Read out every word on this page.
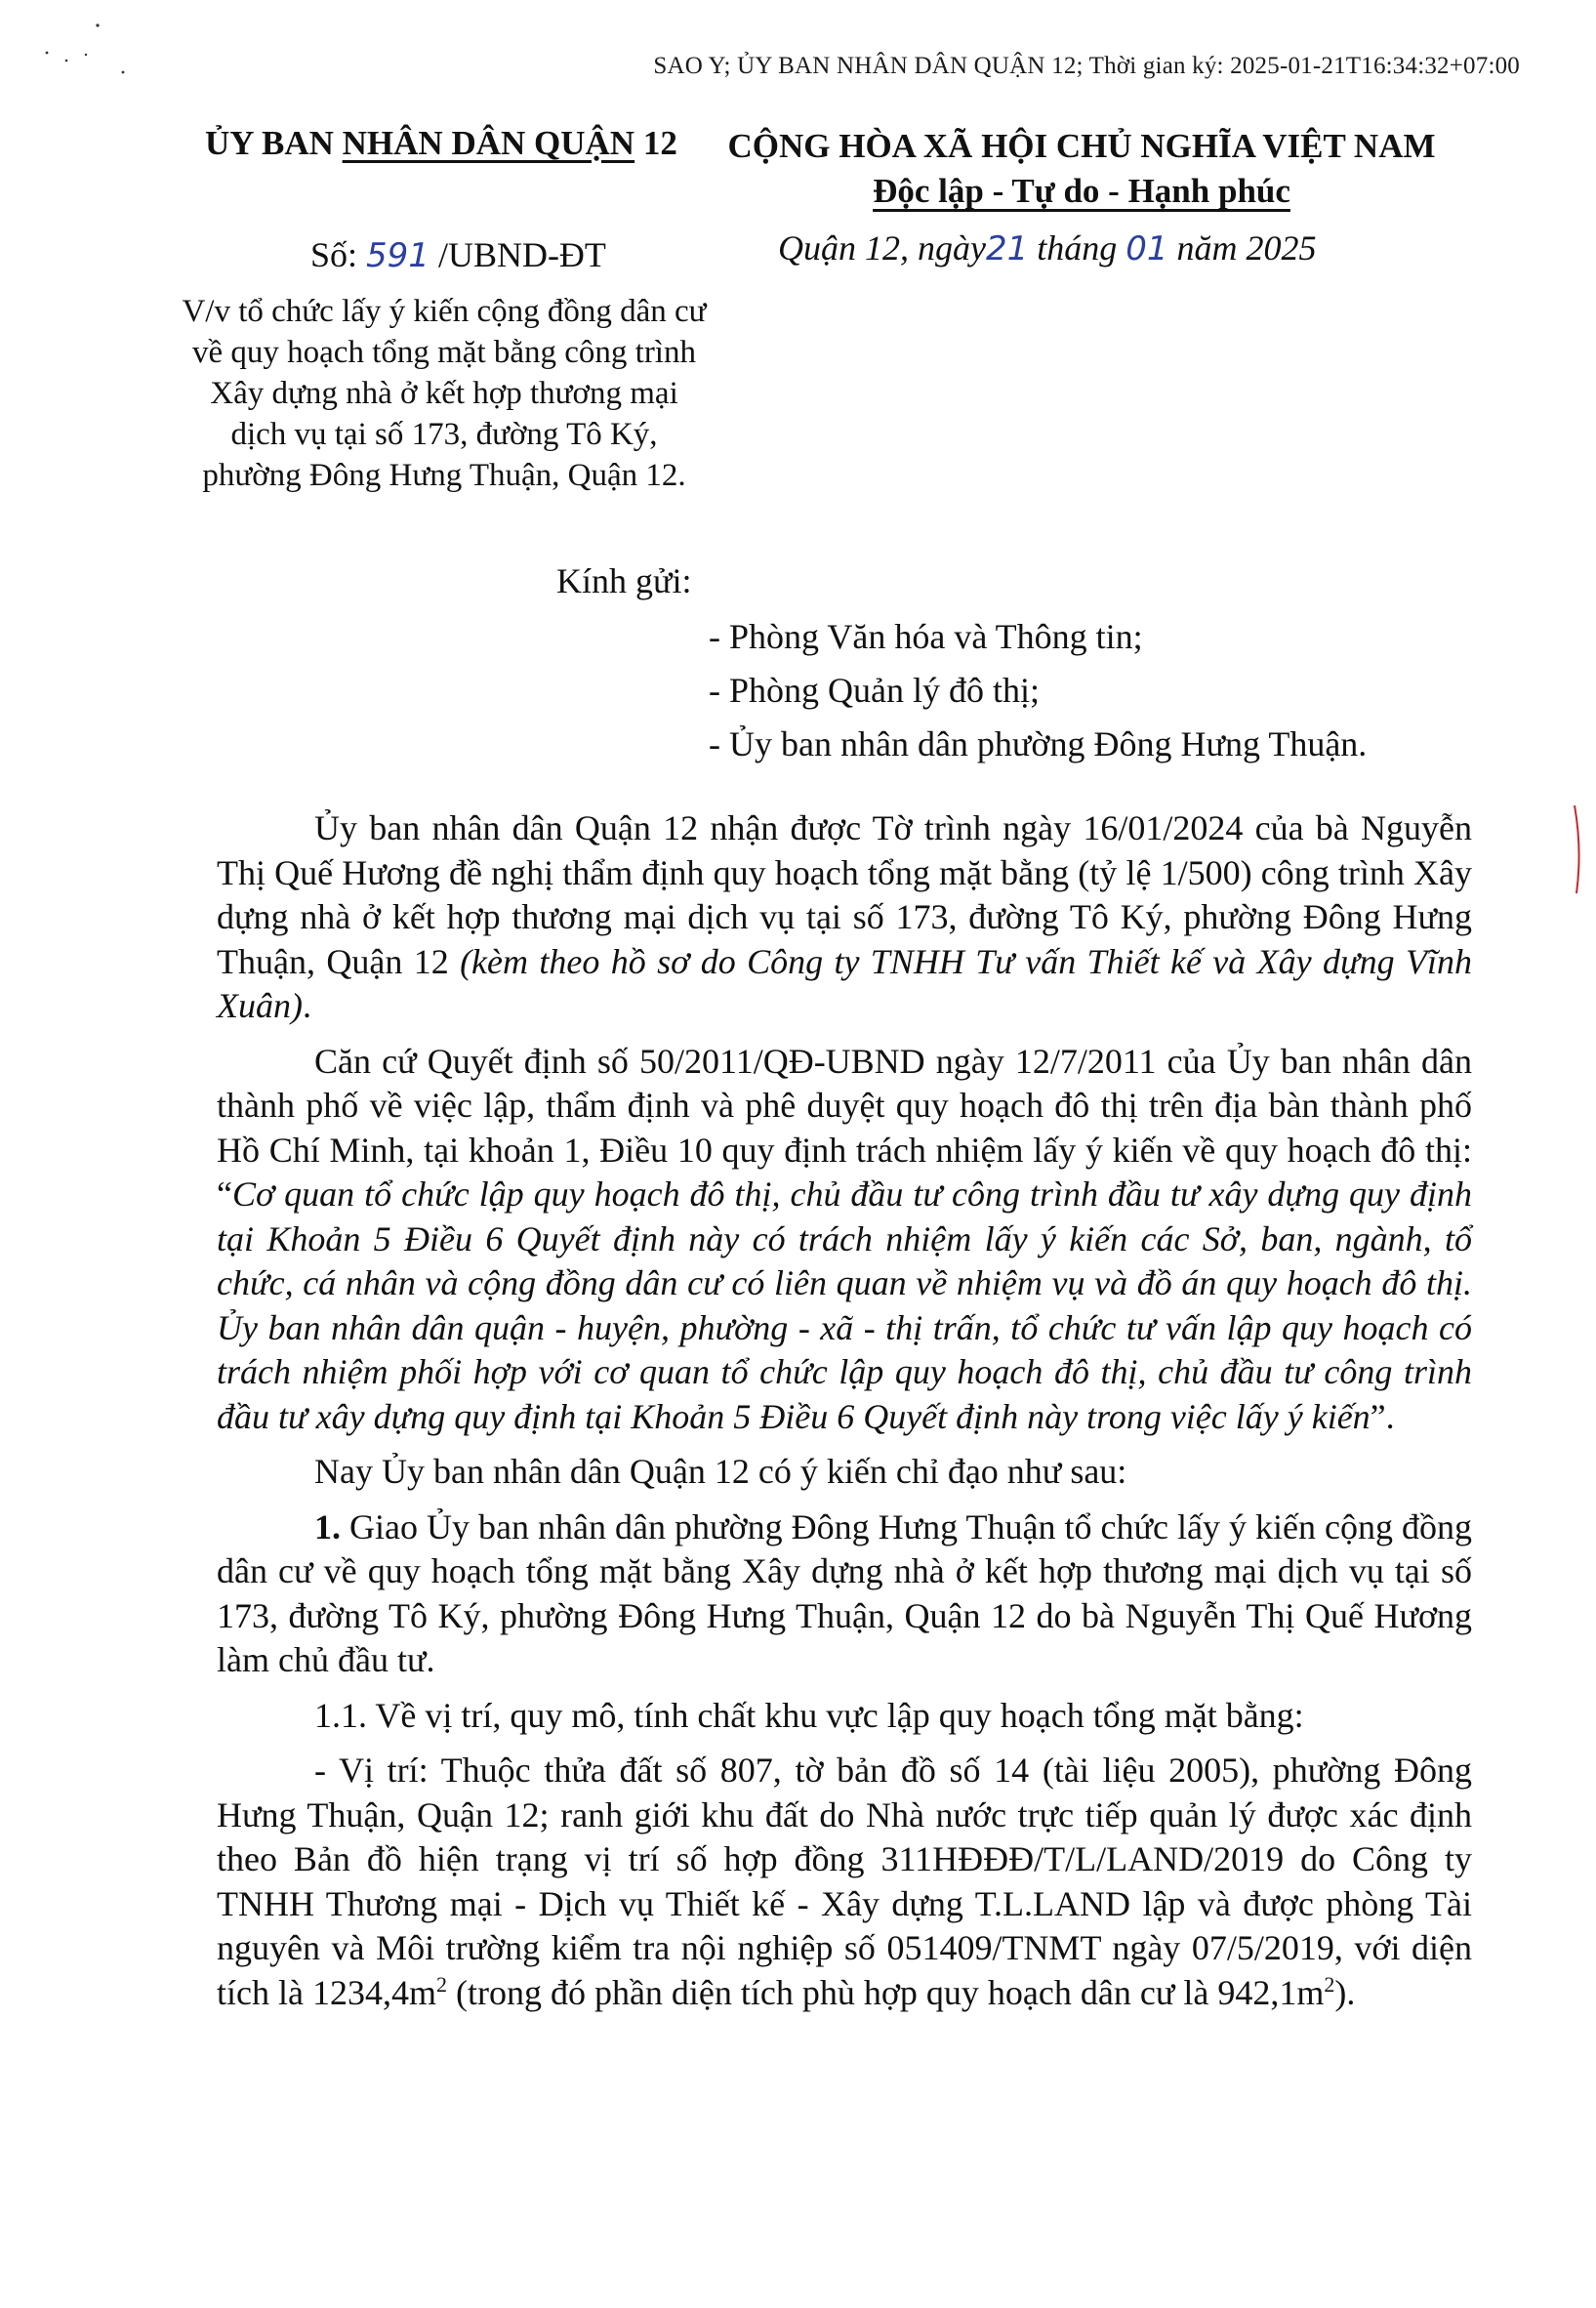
SAO Y; ỦY BAN NHÂN DÂN QUẬN 12; Thời gian ký: 2025-01-21T16:34:32+07:00
ỦY BAN NHÂN DÂN QUẬN 12	CỘNG HÒA XÃ HỘI CHỦ NGHĨA VIỆT NAM
Độc lập - Tự do - Hạnh phúc
Số: 591 /UBND-ĐT	Quận 12, ngày21 tháng 01 năm 2025
V/v tổ chức lấy ý kiến cộng đồng dân cư
về quy hoạch tổng mặt bằng công trình
Xây dựng nhà ở kết hợp thương mại
dịch vụ tại số 173, đường Tô Ký,
phường Đông Hưng Thuận, Quận 12.
Kính gửi:
- Phòng Văn hóa và Thông tin;
- Phòng Quản lý đô thị;
- Ủy ban nhân dân phường Đông Hưng Thuận.

Ủy ban nhân dân Quận 12 nhận được Tờ trình ngày 16/01/2024 của bà Nguyễn Thị Quế Hương đề nghị thẩm định quy hoạch tổng mặt bằng (tỷ lệ 1/500) công trình Xây dựng nhà ở kết hợp thương mại dịch vụ tại số 173, đường Tô Ký, phường Đông Hưng Thuận, Quận 12 (kèm theo hồ sơ do Công ty TNHH Tư vấn Thiết kế và Xây dựng Vĩnh Xuân).

Căn cứ Quyết định số 50/2011/QĐ-UBND ngày 12/7/2011 của Ủy ban nhân dân thành phố về việc lập, thẩm định và phê duyệt quy hoạch đô thị trên địa bàn thành phố Hồ Chí Minh, tại khoản 1, Điều 10 quy định trách nhiệm lấy ý kiến về quy hoạch đô thị: “Cơ quan tổ chức lập quy hoạch đô thị, chủ đầu tư công trình đầu tư xây dựng quy định tại Khoản 5 Điều 6 Quyết định này có trách nhiệm lấy ý kiến các Sở, ban, ngành, tổ chức, cá nhân và cộng đồng dân cư có liên quan về nhiệm vụ và đồ án quy hoạch đô thị. Ủy ban nhân dân quận - huyện, phường - xã - thị trấn, tổ chức tư vấn lập quy hoạch có trách nhiệm phối hợp với cơ quan tổ chức lập quy hoạch đô thị, chủ đầu tư công trình đầu tư xây dựng quy định tại Khoản 5 Điều 6 Quyết định này trong việc lấy ý kiến”.

Nay Ủy ban nhân dân Quận 12 có ý kiến chỉ đạo như sau:

1. Giao Ủy ban nhân dân phường Đông Hưng Thuận tổ chức lấy ý kiến cộng đồng dân cư về quy hoạch tổng mặt bằng Xây dựng nhà ở kết hợp thương mại dịch vụ tại số 173, đường Tô Ký, phường Đông Hưng Thuận, Quận 12 do bà Nguyễn Thị Quế Hương làm chủ đầu tư.

1.1. Về vị trí, quy mô, tính chất khu vực lập quy hoạch tổng mặt bằng:

- Vị trí: Thuộc thửa đất số 807, tờ bản đồ số 14 (tài liệu 2005), phường Đông Hưng Thuận, Quận 12; ranh giới khu đất do Nhà nước trực tiếp quản lý được xác định theo Bản đồ hiện trạng vị trí số hợp đồng 311HĐĐĐ/T/L/LAND/2019 do Công ty TNHH Thương mại - Dịch vụ Thiết kế - Xây dựng T.L.LAND lập và được phòng Tài nguyên và Môi trường kiểm tra nội nghiệp số 051409/TNMT ngày 07/5/2019, với diện tích là $1234,4m^2$ (trong đó phần diện tích phù hợp quy hoạch dân cư là $942,1m^2$).
